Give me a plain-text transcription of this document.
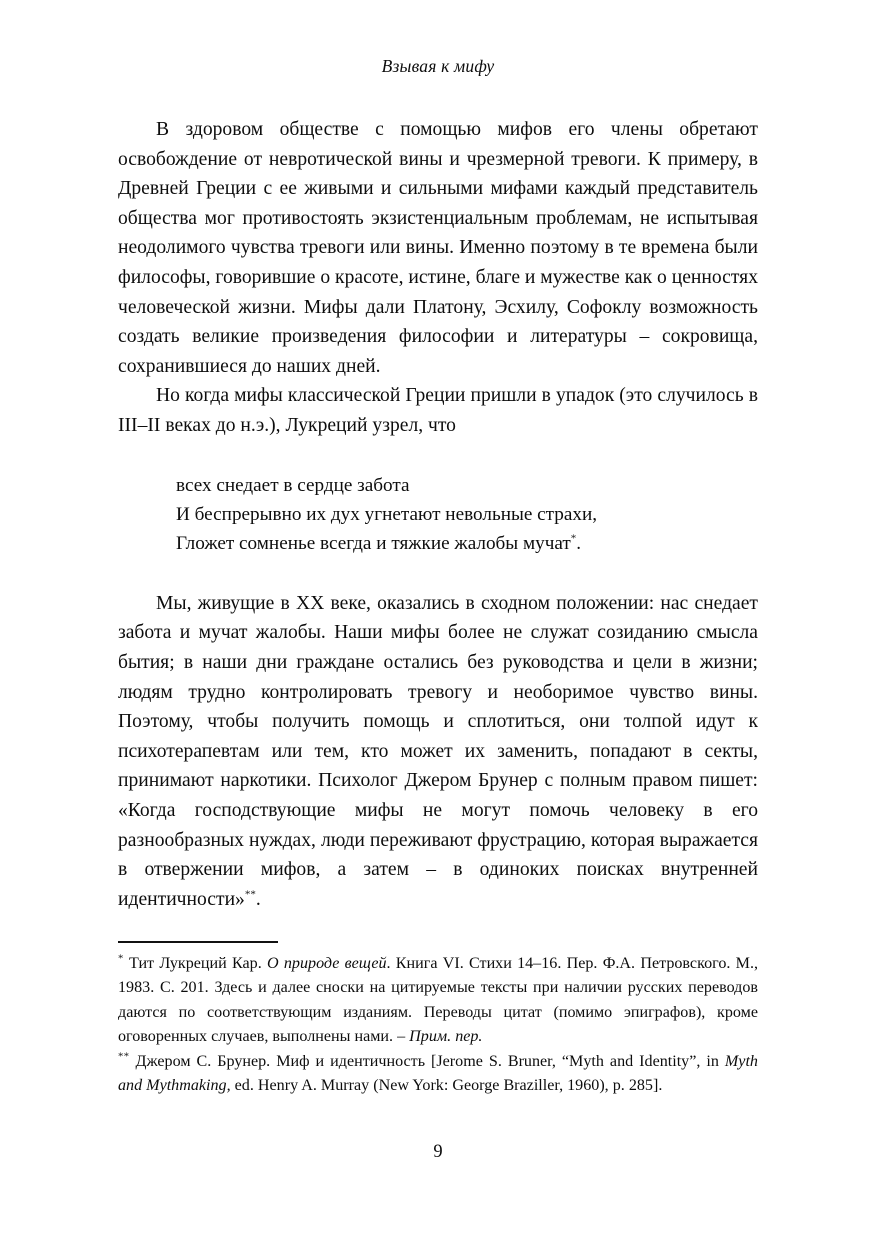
Взывая к мифу

В здоровом обществе с помощью мифов его члены обретают освобождение от невротической вины и чрезмерной тревоги. К примеру, в Древней Греции с ее живыми и сильными мифами каждый представитель общества мог противостоять экзистенциальным проблемам, не испытывая неодолимого чувства тревоги или вины. Именно поэтому в те времена были философы, говорившие о красоте, истине, благе и мужестве как о ценностях человеческой жизни. Мифы дали Платону, Эсхилу, Софоклу возможность создать великие произведения философии и литературы – сокровища, сохранившиеся до наших дней.

Но когда мифы классической Греции пришли в упадок (это случилось в III–II веках до н.э.), Лукреций узрел, что

всех снедает в сердце забота
И беспрерывно их дух угнетают невольные страхи,
Гложет сомненье всегда и тяжкие жалобы мучат*.

Мы, живущие в XX веке, оказались в сходном положении: нас снедает забота и мучат жалобы. Наши мифы более не служат созиданию смысла бытия; в наши дни граждане остались без руководства и цели в жизни; людям трудно контролировать тревогу и необоримое чувство вины. Поэтому, чтобы получить помощь и сплотиться, они толпой идут к психотерапевтам или тем, кто может их заменить, попадают в секты, принимают наркотики. Психолог Джером Брунер с полным правом пишет: «Когда господствующие мифы не могут помочь человеку в его разнообразных нуждах, люди переживают фрустрацию, которая выражается в отвержении мифов, а затем – в одиноких поисках внутренней идентичности»**.

* Тит Лукреций Кар. О природе вещей. Книга VI. Стихи 14–16. Пер. Ф.А. Петровского. М., 1983. С. 201. Здесь и далее сноски на цитируемые тексты при наличии русских переводов даются по соответствующим изданиям. Переводы цитат (помимо эпиграфов), кроме оговоренных случаев, выполнены нами. – Прим. пер.

** Джером С. Брунер. Миф и идентичность [Jerome S. Bruner, “Myth and Identity”, in Myth and Mythmaking, ed. Henry A. Murray (New York: George Braziller, 1960), p. 285].

9
